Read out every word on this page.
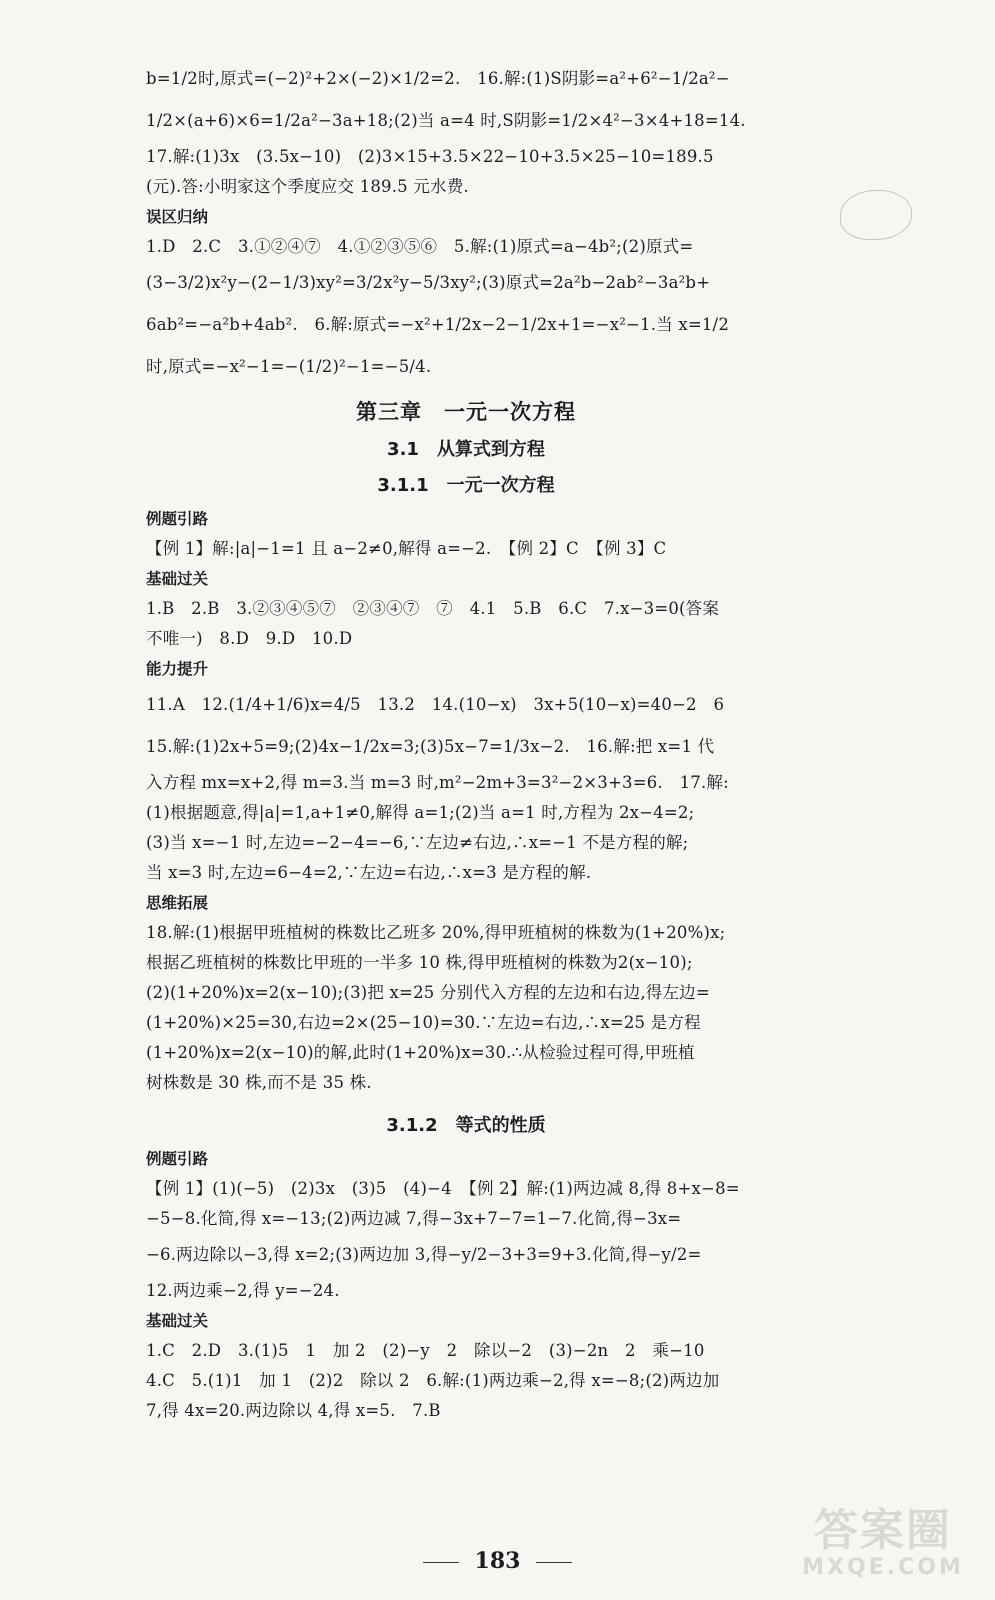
b=1/2时,原式=(−2)²+2×(−2)×1/2=2.　16.解:(1)S阴影=a²+6²−1/2a²−
1/2×(a+6)×6=1/2a²−3a+18;(2)当 a=4 时,S阴影=1/2×4²−3×4+18=14.
17.解:(1)3x　(3.5x−10)　(2)3×15+3.5×22−10+3.5×25−10=189.5
(元).答:小明家这个季度应交 189.5 元水费.
误区归纳
1.D　2.C　3.①②④⑦　4.①②③⑤⑥　5.解:(1)原式=a−4b²;(2)原式=
(3−3/2)x²y−(2−1/3)xy²=3/2x²y−5/3xy²;(3)原式=2a²b−2ab²−3a²b+
6ab²=−a²b+4ab².　6.解:原式=−x²+1/2x−2−1/2x+1=−x²−1.当 x=1/2
时,原式=−x²−1=−(1/2)²−1=−5/4.
第三章　一元一次方程
3.1　从算式到方程
3.1.1　一元一次方程
例题引路
【例 1】解:|a|−1=1 且 a−2≠0,解得 a=−2.　【例 2】C　【例 3】C
基础过关
1.B　2.B　3.②③④⑤⑦　②③④⑦　⑦　4.1　5.B　6.C　7.x−3=0(答案
不唯一)　8.D　9.D　10.D
能力提升
11.A　12.(1/4+1/6)x=4/5　13.2　14.(10−x)　3x+5(10−x)=40−2　6
15.解:(1)2x+5=9;(2)4x−1/2x=3;(3)5x−7=1/3x−2.　16.解:把 x=1 代
入方程 mx=x+2,得 m=3.当 m=3 时,m²−2m+3=3²−2×3+3=6.　17.解:
(1)根据题意,得|a|=1,a+1≠0,解得 a=1;(2)当 a=1 时,方程为 2x−4=2;
(3)当 x=−1 时,左边=−2−4=−6,∵左边≠右边,∴x=−1 不是方程的解;
当 x=3 时,左边=6−4=2,∵左边=右边,∴x=3 是方程的解.
思维拓展
18.解:(1)根据甲班植树的株数比乙班多 20%,得甲班植树的株数为(1+20%)x;
根据乙班植树的株数比甲班的一半多 10 株,得甲班植树的株数为2(x−10);
(2)(1+20%)x=2(x−10);(3)把 x=25 分别代入方程的左边和右边,得左边=
(1+20%)×25=30,右边=2×(25−10)=30.∵左边=右边,∴x=25 是方程
(1+20%)x=2(x−10)的解,此时(1+20%)x=30.∴从检验过程可得,甲班植
树株数是 30 株,而不是 35 株.
3.1.2　等式的性质
例题引路
【例 1】(1)(−5)　(2)3x　(3)5　(4)−4　【例 2】解:(1)两边减 8,得 8+x−8=
−5−8.化简,得 x=−13;(2)两边减 7,得−3x+7−7=1−7.化简,得−3x=
−6.两边除以−3,得 x=2;(3)两边加 3,得−y/2−3+3=9+3.化简,得−y/2=
12.两边乘−2,得 y=−24.
基础过关
1.C　2.D　3.(1)5　1　加 2　(2)−y　2　除以−2　(3)−2n　2　乘−10
4.C　5.(1)1　加 1　(2)2　除以 2　6.解:(1)两边乘−2,得 x=−8;(2)两边加
7,得 4x=20.两边除以 4,得 x=5.　7.B
183
答案圈
MXQE.COM
